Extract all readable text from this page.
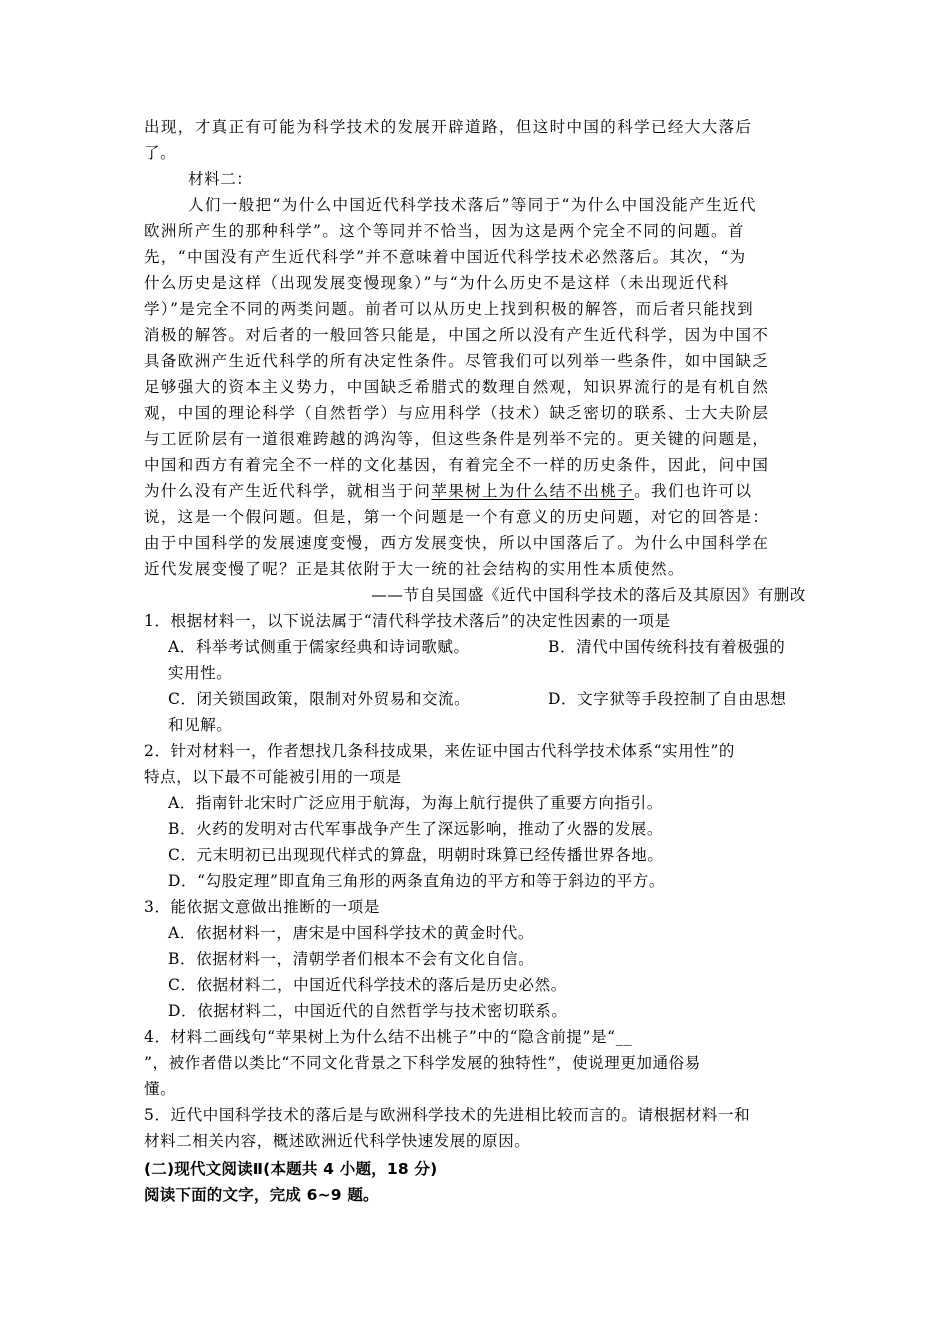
出现，才真正有可能为科学技术的发展开辟道路，但这时中国的科学已经大大落后
了。
材料二：
人们一般把“为什么中国近代科学技术落后”等同于“为什么中国没能产生近代
欧洲所产生的那种科学”。这个等同并不恰当，因为这是两个完全不同的问题。首
先，“中国没有产生近代科学”并不意味着中国近代科学技术必然落后。其次，“为
什么历史是这样（出现发展变慢现象）”与“为什么历史不是这样（未出现近代科
学）”是完全不同的两类问题。前者可以从历史上找到积极的解答，而后者只能找到
消极的解答。对后者的一般回答只能是，中国之所以没有产生近代科学，因为中国不
具备欧洲产生近代科学的所有决定性条件。尽管我们可以列举一些条件，如中国缺乏
足够强大的资本主义势力，中国缺乏希腊式的数理自然观，知识界流行的是有机自然
观，中国的理论科学（自然哲学）与应用科学（技术）缺乏密切的联系、士大夫阶层
与工匠阶层有一道很难跨越的鸿沟等，但这些条件是列举不完的。更关键的问题是，
中国和西方有着完全不一样的文化基因，有着完全不一样的历史条件，因此，问中国
为什么没有产生近代科学，就相当于问苹果树上为什么结不出桃子。我们也许可以
说，这是一个假问题。但是，第一个问题是一个有意义的历史问题，对它的回答是：
由于中国科学的发展速度变慢，西方发展变快，所以中国落后了。为什么中国科学在
近代发展变慢了呢？正是其依附于大一统的社会结构的实用性本质使然。
——节自吴国盛《近代中国科学技术的落后及其原因》有删改
1．根据材料一，以下说法属于“清代科学技术落后”的决定性因素的一项是
A．科举考试侧重于儒家经典和诗词歌赋。	B．清代中国传统科技有着极强的
实用性。
C．闭关锁国政策，限制对外贸易和交流。	D．文字狱等手段控制了自由思想
和见解。
2．针对材料一，作者想找几条科技成果，来佐证中国古代科学技术体系“实用性”的
特点，以下最不可能被引用的一项是
A．指南针北宋时广泛应用于航海，为海上航行提供了重要方向指引。
B．火药的发明对古代军事战争产生了深远影响，推动了火器的发展。
C．元末明初已出现现代样式的算盘，明朝时珠算已经传播世界各地。
D．“勾股定理”即直角三角形的两条直角边的平方和等于斜边的平方。
3．能依据文意做出推断的一项是
A．依据材料一，唐宋是中国科学技术的黄金时代。
B．依据材料一，清朝学者们根本不会有文化自信。
C．依据材料二，中国近代科学技术的落后是历史必然。
D．依据材料二，中国近代的自然哲学与技术密切联系。
4．材料二画线句“苹果树上为什么结不出桃子”中的“隐含前提”是“__
”，被作者借以类比“不同文化背景之下科学发展的独特性”，使说理更加通俗易
懂。
5．近代中国科学技术的落后是与欧洲科学技术的先进相比较而言的。请根据材料一和
材料二相关内容，概述欧洲近代科学快速发展的原因。
(二)现代文阅读Ⅱ(本题共 4 小题，18 分)
阅读下面的文字，完成 6~9 题。
